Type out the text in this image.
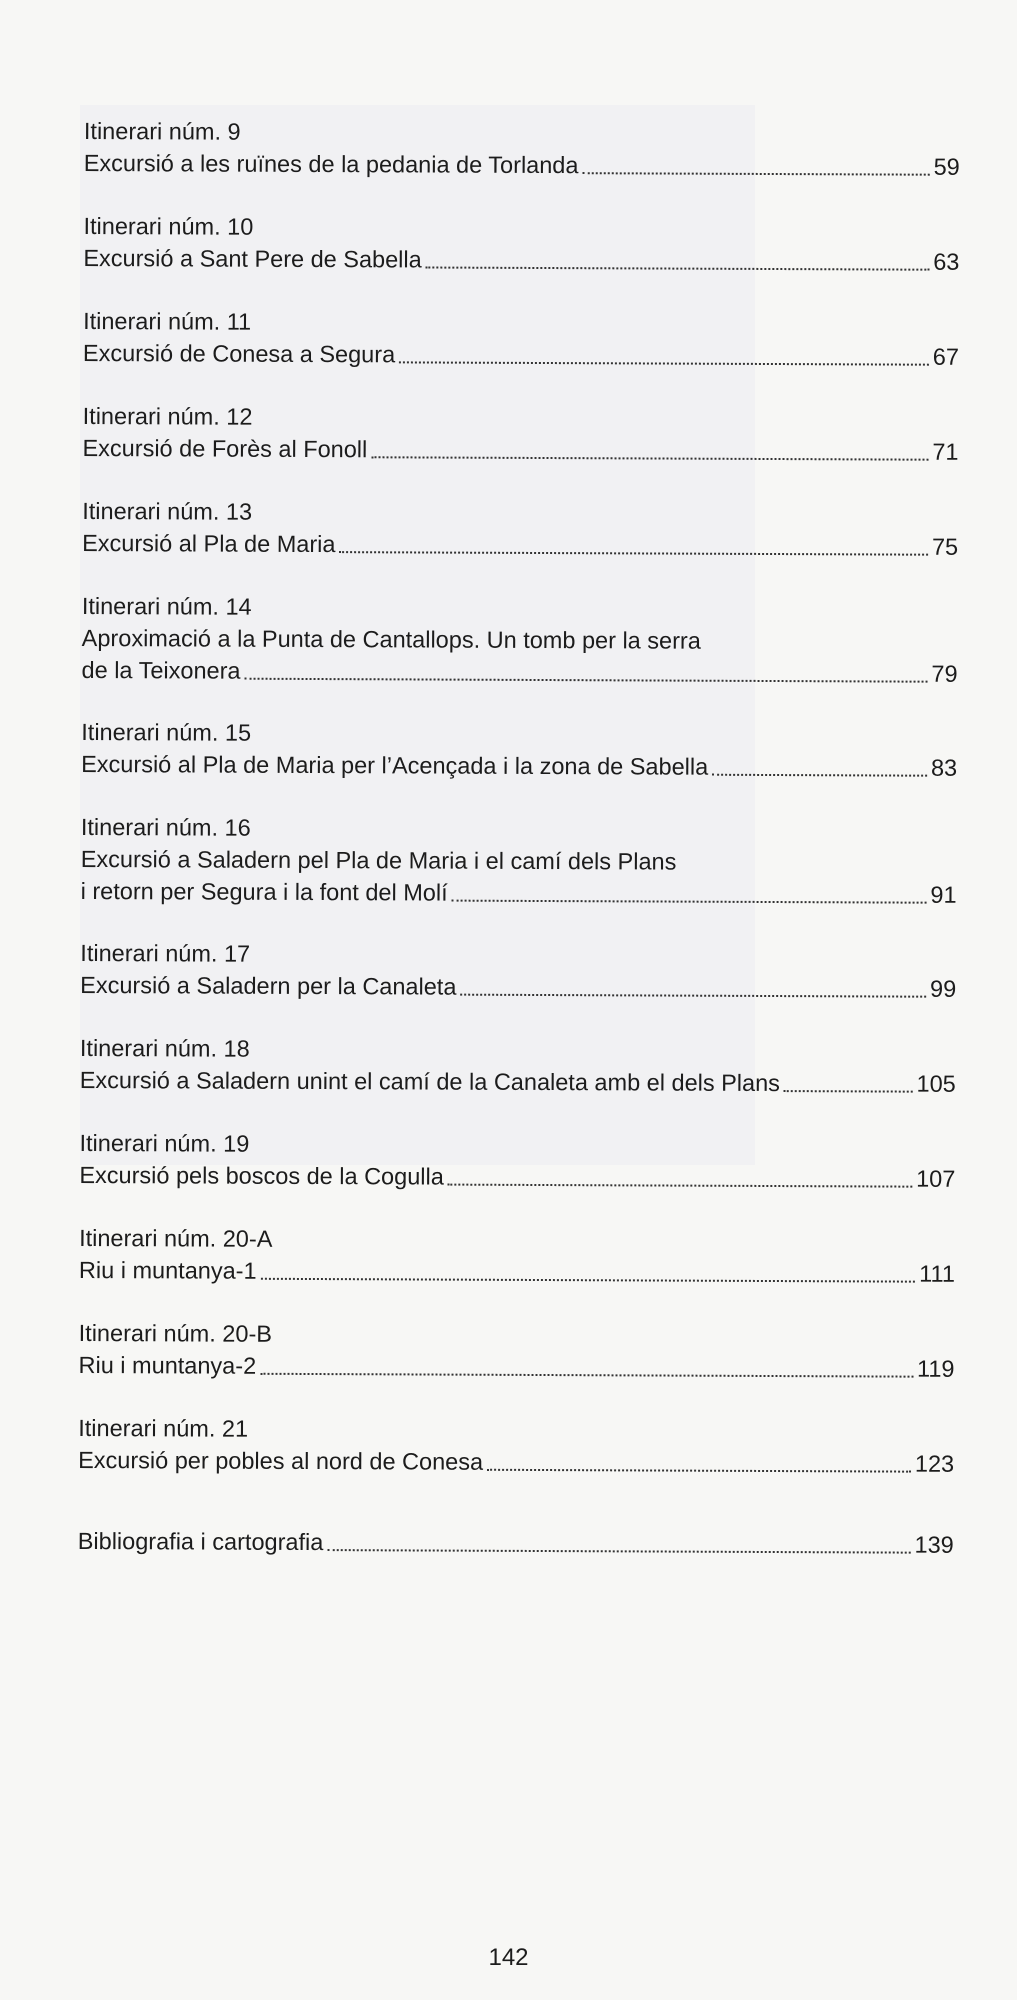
Itinerari núm. 9
Excursió a les ruïnes de la pedania de Torlanda	59
Itinerari núm. 10
Excursió a Sant Pere de Sabella	63
Itinerari núm. 11
Excursió de Conesa a Segura	67
Itinerari núm. 12
Excursió de Forès al Fonoll	71
Itinerari núm. 13
Excursió al Pla de Maria	75
Itinerari núm. 14
Aproximació a la Punta de Cantallops. Un tomb per la serra
de la Teixonera	79
Itinerari núm. 15
Excursió al Pla de Maria per l’Acençada i la zona de Sabella	83
Itinerari núm. 16
Excursió a Saladern pel Pla de Maria i el camí dels Plans
i retorn per Segura i la font del Molí	91
Itinerari núm. 17
Excursió a Saladern per la Canaleta	99
Itinerari núm. 18
Excursió a Saladern unint el camí de la Canaleta amb el dels Plans	105
Itinerari núm. 19
Excursió pels boscos de la Cogulla	107
Itinerari núm. 20-A
Riu i muntanya-1	111
Itinerari núm. 20-B
Riu i muntanya-2	119
Itinerari núm. 21
Excursió per pobles al nord de Conesa	123
Bibliografia i cartografia	139
142
